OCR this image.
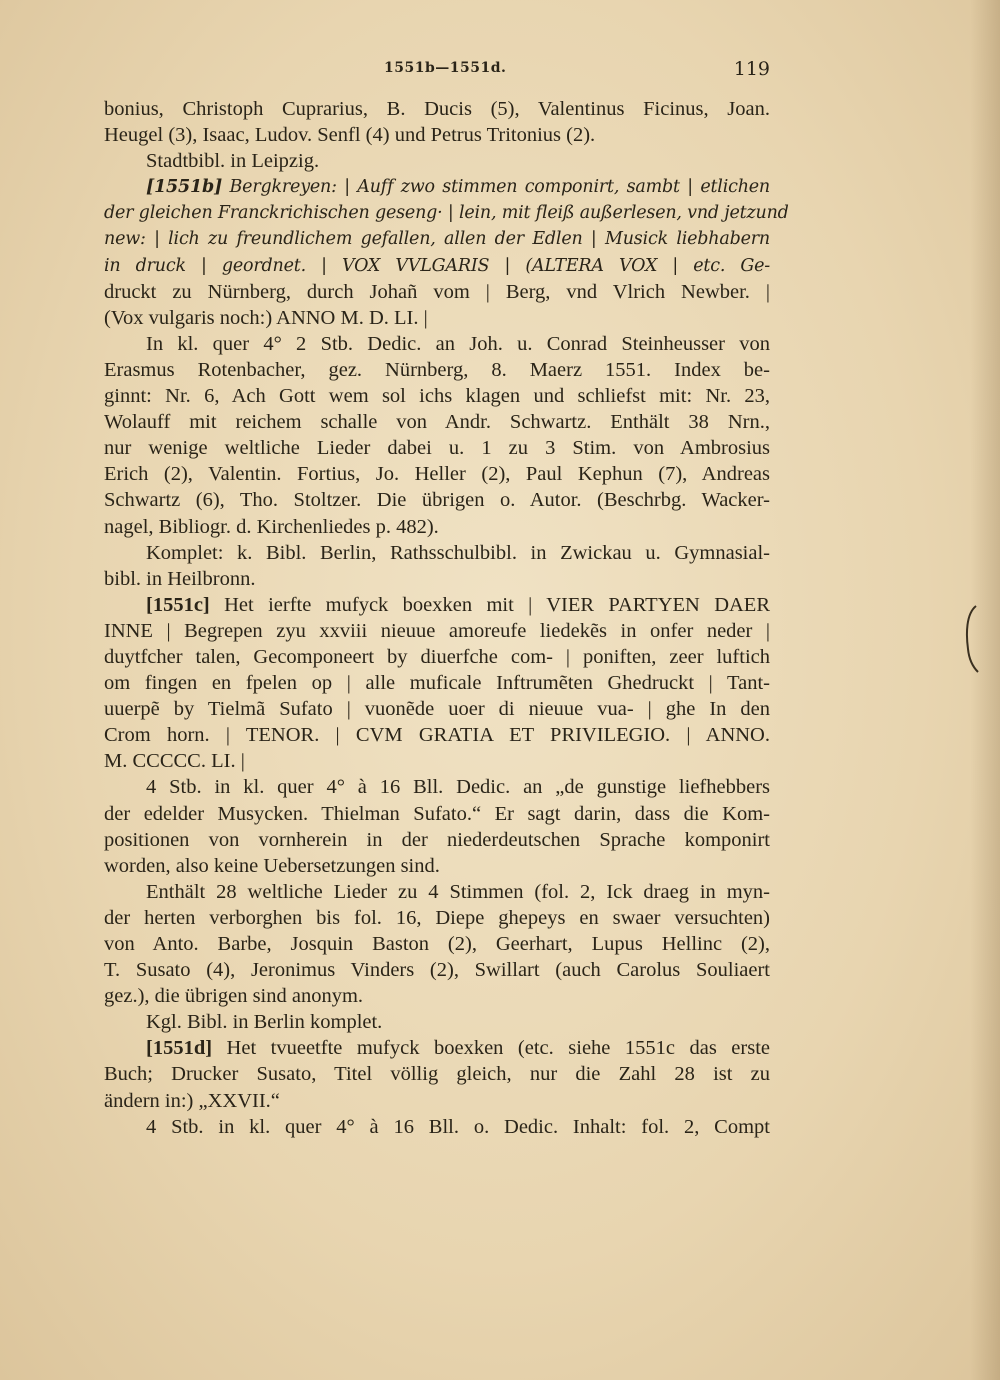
1551b—1551d.	119
bonius, Christoph Cuprarius, B. Ducis (5), Valentinus Ficinus, Joan.
Heugel (3), Isaac, Ludov. Senfl (4) und Petrus Tritonius (2).
Stadtbibl. in Leipzig.
[1551b] Bergkreyen: | Auff zwo stimmen componirt, sambt | etlichen
der gleichen Franckrichischen geseng· | lein, mit fleiß außerlesen, vnd jetzund
new: | lich zu freundlichem gefallen, allen der Edlen | Musick liebhabern
in druck | geordnet. | VOX VVLGARIS | (ALTERA VOX | etc. Ge-
druckt zu Nürnberg, durch Johañ vom | Berg, vnd Vlrich Newber. |
(Vox vulgaris noch:) ANNO M. D. LI. |
In kl. quer 4° 2 Stb. Dedic. an Joh. u. Conrad Steinheusser von
Erasmus Rotenbacher, gez. Nürnberg, 8. Maerz 1551. Index be-
ginnt: Nr. 6, Ach Gott wem sol ichs klagen und schliefst mit: Nr. 23,
Wolauff mit reichem schalle von Andr. Schwartz. Enthält 38 Nrn.,
nur wenige weltliche Lieder dabei u. 1 zu 3 Stim. von Ambrosius
Erich (2), Valentin. Fortius, Jo. Heller (2), Paul Kephun (7), Andreas
Schwartz (6), Tho. Stoltzer. Die übrigen o. Autor. (Beschrbg. Wacker-
nagel, Bibliogr. d. Kirchenliedes p. 482).
Komplet: k. Bibl. Berlin, Rathsschulbibl. in Zwickau u. Gymnasial-
bibl. in Heilbronn.
[1551c] Het ierfte mufyck boexken mit | VIER PARTYEN DAER
INNE | Begrepen zyu xxviii nieuue amoreufe liedekẽs in onfer neder |
duytfcher talen, Gecomponeert by diuerfche com- | poniften, zeer luftich
om fingen en fpelen op | alle muficale Inftrumẽten Ghedruckt | Tant-
uuerpẽ by Tielmã Sufato | vuonẽde uoer di nieuue vua- | ghe In den
Crom horn. | TENOR. | CVM GRATIA ET PRIVILEGIO. | ANNO.
M. CCCCC. LI. |
4 Stb. in kl. quer 4° à 16 Bll. Dedic. an „de gunstige liefhebbers
der edelder Musycken. Thielman Sufato.“ Er sagt darin, dass die Kom-
positionen von vornherein in der niederdeutschen Sprache komponirt
worden, also keine Uebersetzungen sind.
Enthält 28 weltliche Lieder zu 4 Stimmen (fol. 2, Ick draeg in myn-
der herten verborghen bis fol. 16, Diepe ghepeys en swaer versuchten)
von Anto. Barbe, Josquin Baston (2), Geerhart, Lupus Hellinc (2),
T. Susato (4), Jeronimus Vinders (2), Swillart (auch Carolus Souliaert
gez.), die übrigen sind anonym.
Kgl. Bibl. in Berlin komplet.
[1551d] Het tvueetfte mufyck boexken (etc. siehe 1551c das erste
Buch; Drucker Susato, Titel völlig gleich, nur die Zahl 28 ist zu
ändern in:) „XXVII.“
4 Stb. in kl. quer 4° à 16 Bll. o. Dedic. Inhalt: fol. 2, Compt
